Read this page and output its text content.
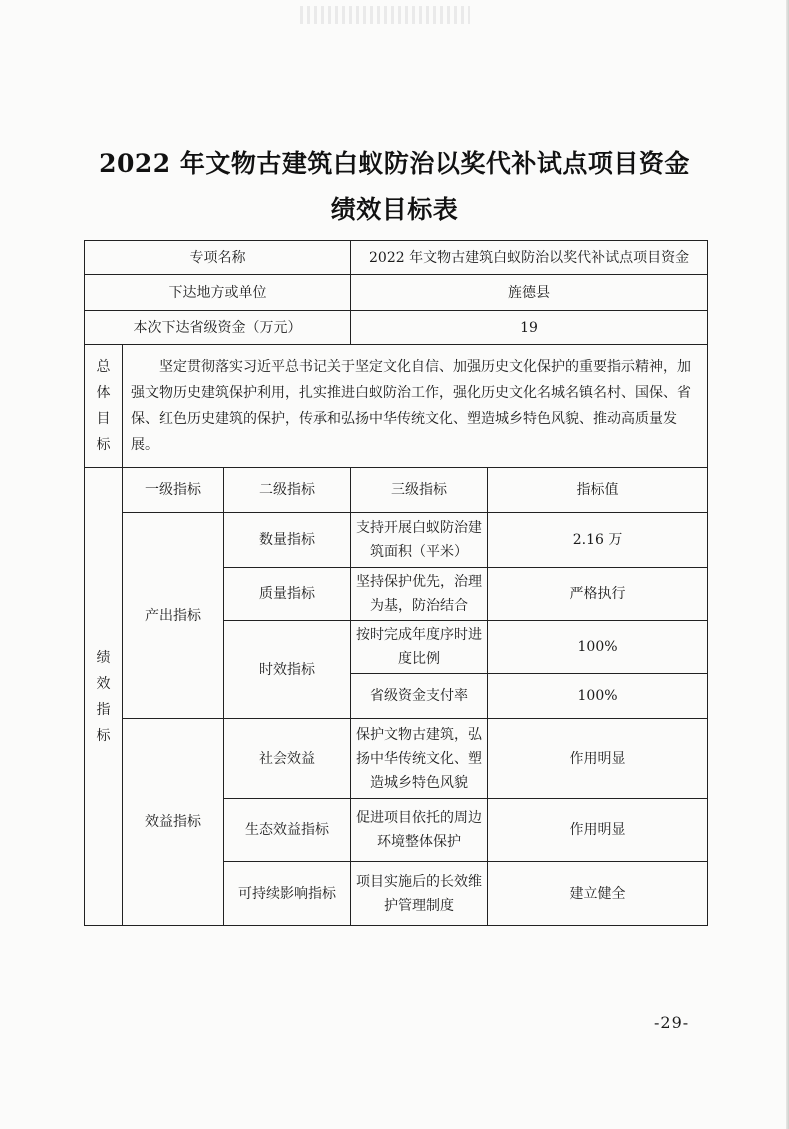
2022 年文物古建筑白蚁防治以奖代补试点项目资金
绩效目标表
专项名称			2022 年文物古建筑白蚁防治以奖代补试点项目资金	
下达地方或单位			旌德县	
本次下达省级资金（万元）			19	

总
体
目
标	坚定贯彻落实习近平总书记关于坚定文化自信、加强历史文化保护的重要指示精神，加强文物历史建筑保护利用，扎实推进白蚁防治工作，强化历史文化名城名镇名村、国保、省保、红色历史建筑的保护，传承和弘扬中华传统文化、塑造城乡特色风貌、推动高质量发展。			

绩
效
指
标	一级指标	二级指标	三级指标	指标值
	产出指标	数量指标	支持开展白蚁防治建筑面积（平米）	2.16 万
		质量指标	坚持保护优先，治理为基，防治结合	严格执行
		时效指标	按时完成年度序时进度比例	100%
			省级资金支付率	100%
	效益指标	社会效益	保护文物古建筑，弘扬中华传统文化、塑造城乡特色风貌	作用明显
		生态效益指标	促进项目依托的周边环境整体保护	作用明显
		可持续影响指标	项目实施后的长效维护管理制度	建立健全
-29-
